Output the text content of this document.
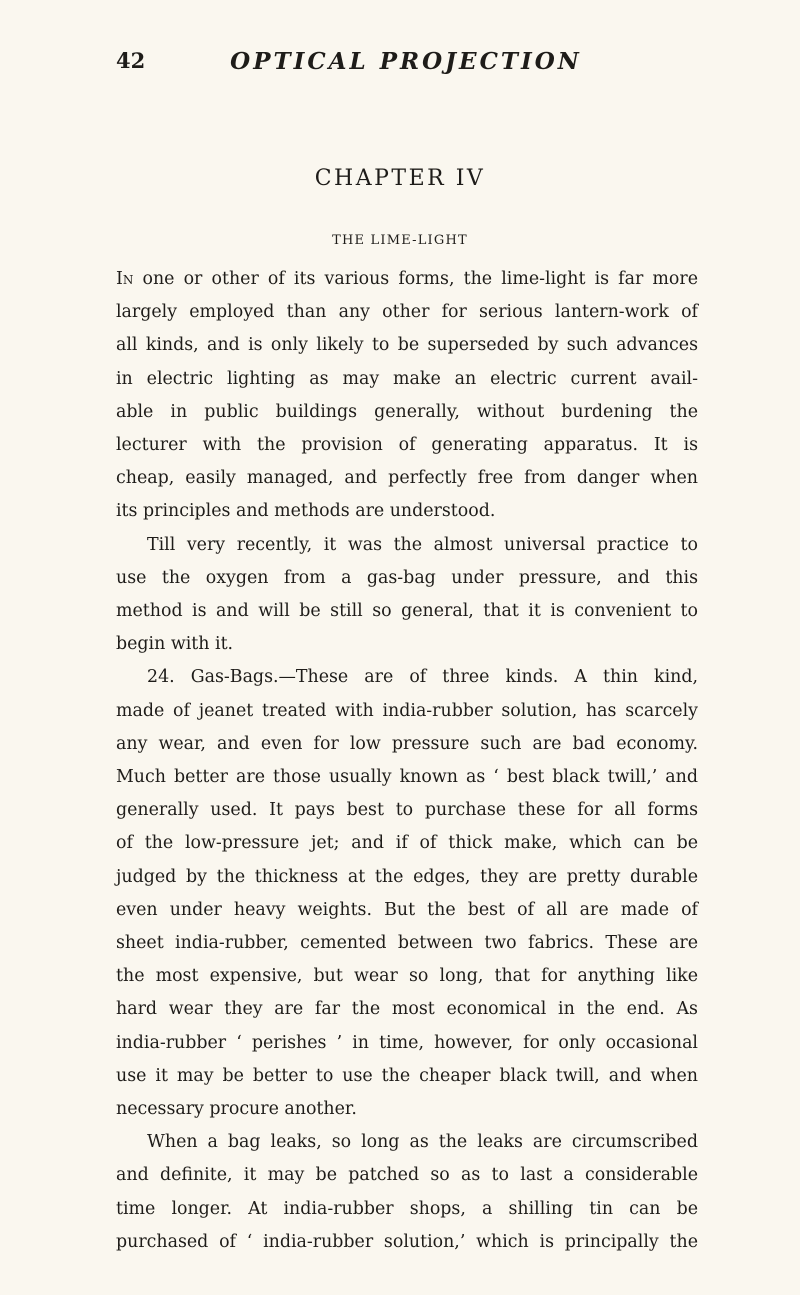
42	OPTICAL PROJECTION
CHAPTER IV
THE LIME-LIGHT
In one or other of its various forms, the lime-light is far more
largely employed than any other for serious lantern-work of
all kinds, and is only likely to be superseded by such advances
in electric lighting as may make an electric current avail-
able in public buildings generally, without burdening the
lecturer with the provision of generating apparatus. It is
cheap, easily managed, and perfectly free from danger when
its principles and methods are understood.
Till very recently, it was the almost universal practice to
use the oxygen from a gas-bag under pressure, and this
method is and will be still so general, that it is convenient to
begin with it.
24. Gas-Bags.—These are of three kinds. A thin kind,
made of jeanet treated with india-rubber solution, has scarcely
any wear, and even for low pressure such are bad economy.
Much better are those usually known as ‘ best black twill,’ and
generally used. It pays best to purchase these for all forms
of the low-pressure jet; and if of thick make, which can be
judged by the thickness at the edges, they are pretty durable
even under heavy weights. But the best of all are made of
sheet india-rubber, cemented between two fabrics. These are
the most expensive, but wear so long, that for anything like
hard wear they are far the most economical in the end. As
india-rubber ‘ perishes ’ in time, however, for only occasional
use it may be better to use the cheaper black twill, and when
necessary procure another.
When a bag leaks, so long as the leaks are circumscribed
and definite, it may be patched so as to last a considerable
time longer. At india-rubber shops, a shilling tin can be
purchased of ‘ india-rubber solution,’ which is principally the
